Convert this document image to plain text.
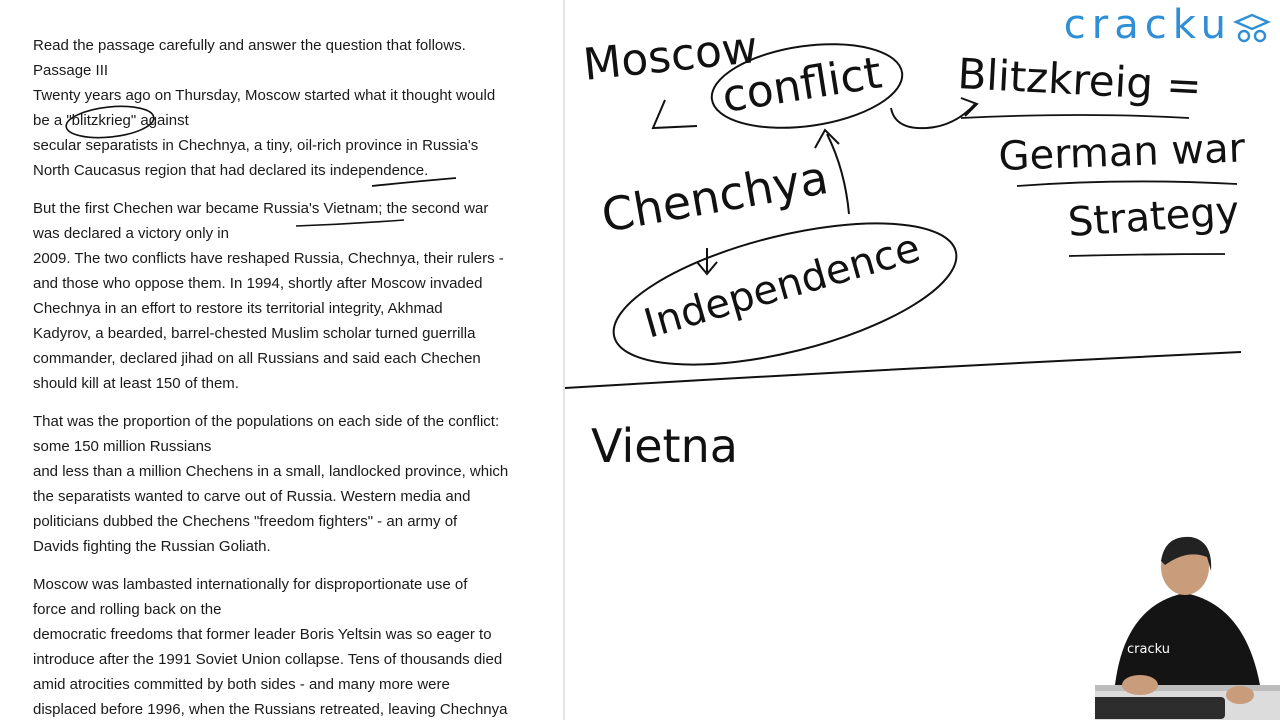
Read the passage carefully and answer the question that follows.
Passage III
Twenty years ago on Thursday, Moscow started what it thought would
be a "blitzkrieg" against
secular separatists in Chechnya, a tiny, oil-rich province in Russia's
North Caucasus region that had declared its independence.

But the first Chechen war became Russia's Vietnam; the second war
was declared a victory only in
2009. The two conflicts have reshaped Russia, Chechnya, their rulers -
and those who oppose them. In 1994, shortly after Moscow invaded
Chechnya in an effort to restore its territorial integrity, Akhmad
Kadyrov, a bearded, barrel-chested Muslim scholar turned guerrilla
commander, declared jihad on all Russians and said each Chechen
should kill at least 150 of them.

That was the proportion of the populations on each side of the conflict:
some 150 million Russians
and less than a million Chechens in a small, landlocked province, which
the separatists wanted to carve out of Russia. Western media and
politicians dubbed the Chechens "freedom fighters" - an army of
Davids fighting the Russian Goliath.

Moscow was lambasted internationally for disproportionate use of
force and rolling back on the
democratic freedoms that former leader Boris Yeltsin was so eager to
introduce after the 1991 Soviet Union collapse. Tens of thousands died
amid atrocities committed by both sides - and many more were
displaced before 1996, when the Russians retreated, leaving Chechnya

Moscow
conflict Blitzkreig =
German war
Strategy
Chenchya
Independence
Vietna
cracku
cracku
